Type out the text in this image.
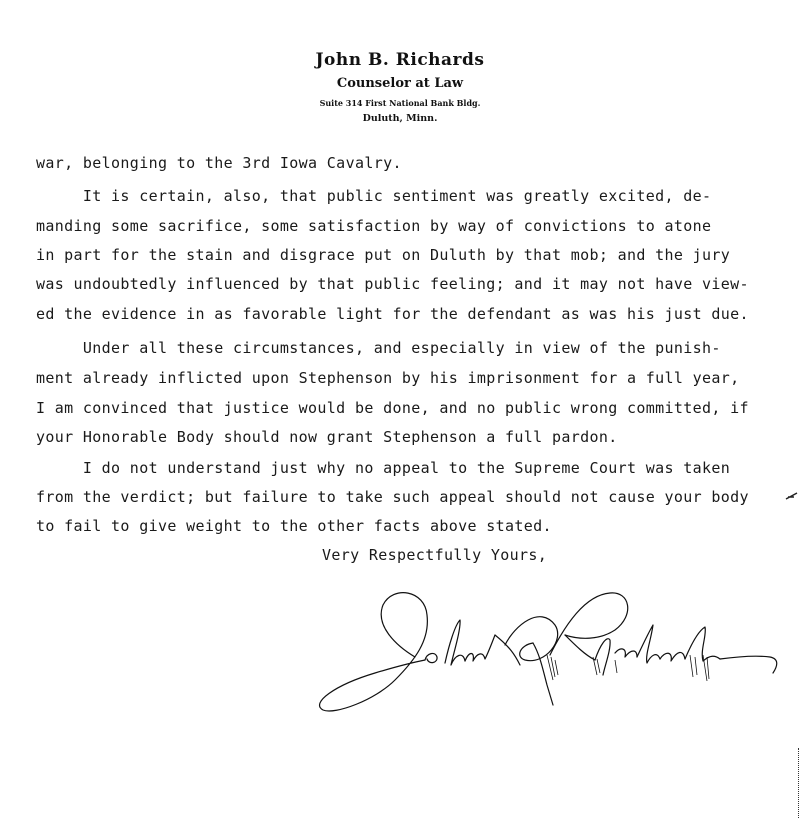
John B. Richards
Counselor at Law
Suite 314 First National Bank Bldg.
Duluth, Minn.
war, belonging to the 3rd Iowa Cavalry.
It is certain, also, that public sentiment was greatly excited, de-
manding some sacrifice, some satisfaction by way of convictions to atone
in part for the stain and disgrace put on Duluth by that mob; and the jury
was undoubtedly influenced by that public feeling; and it may not have view-
ed the evidence in as favorable light for the defendant as was his just due.
Under all these circumstances, and especially in view of the punish-
ment already inflicted upon Stephenson by his imprisonment for a full year,
I am convinced that justice would be done, and no public wrong committed, if
your Honorable Body should now grant Stephenson a full pardon.
I do not understand just why no appeal to the Supreme Court was taken
from the verdict; but failure to take such appeal should not cause your body
to fail to give weight to the other facts above stated.
Very Respectfully Yours,
